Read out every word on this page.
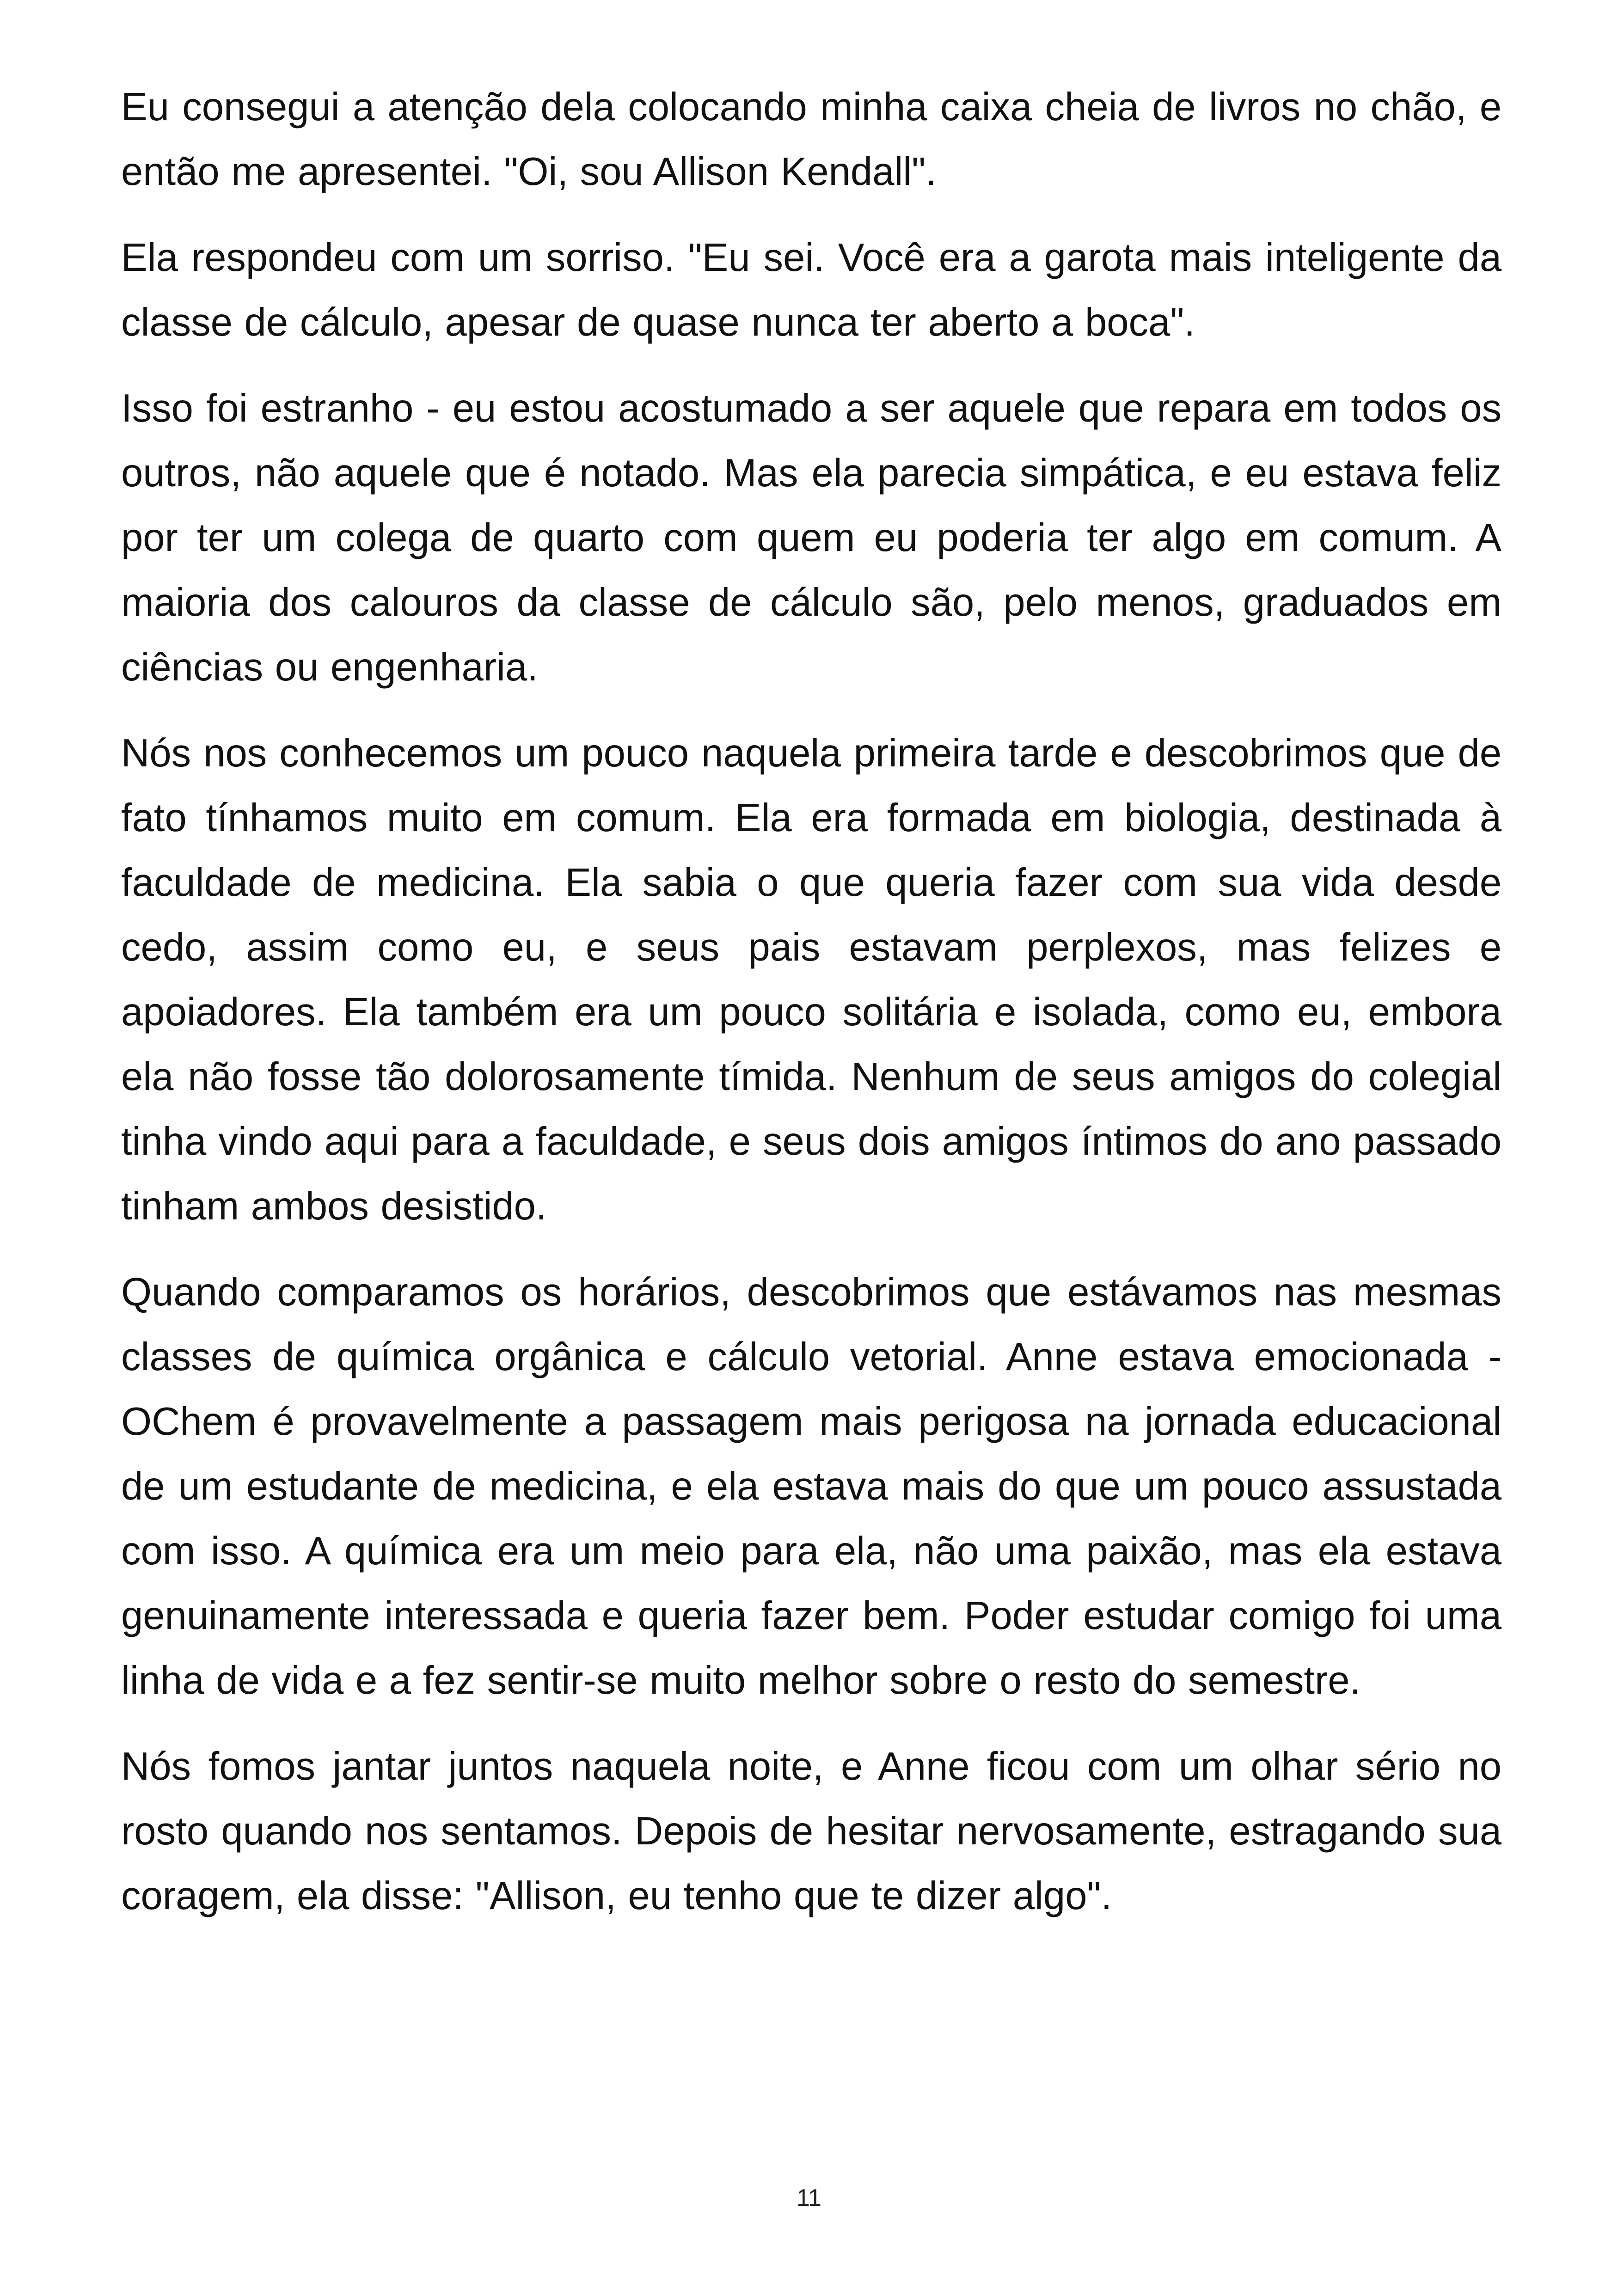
Eu consegui a atenção dela colocando minha caixa cheia de livros no chão, e então me apresentei. "Oi, sou Allison Kendall".

Ela respondeu com um sorriso. "Eu sei. Você era a garota mais inteligente da classe de cálculo, apesar de quase nunca ter aberto a boca".

Isso foi estranho - eu estou acostumado a ser aquele que repara em todos os outros, não aquele que é notado. Mas ela parecia simpática, e eu estava feliz por ter um colega de quarto com quem eu poderia ter algo em comum. A maioria dos calouros da classe de cálculo são, pelo menos, graduados em ciências ou engenharia.

Nós nos conhecemos um pouco naquela primeira tarde e descobrimos que de fato tínhamos muito em comum. Ela era formada em biologia, destinada à faculdade de medicina. Ela sabia o que queria fazer com sua vida desde cedo, assim como eu, e seus pais estavam perplexos, mas felizes e apoiadores. Ela também era um pouco solitária e isolada, como eu, embora ela não fosse tão dolorosamente tímida. Nenhum de seus amigos do colegial tinha vindo aqui para a faculdade, e seus dois amigos íntimos do ano passado tinham ambos desistido.

Quando comparamos os horários, descobrimos que estávamos nas mesmas classes de química orgânica e cálculo vetorial. Anne estava emocionada - OChem é provavelmente a passagem mais perigosa na jornada educacional de um estudante de medicina, e ela estava mais do que um pouco assustada com isso. A química era um meio para ela, não uma paixão, mas ela estava genuinamente interessada e queria fazer bem. Poder estudar comigo foi uma linha de vida e a fez sentir-se muito melhor sobre o resto do semestre.

Nós fomos jantar juntos naquela noite, e Anne ficou com um olhar sério no rosto quando nos sentamos. Depois de hesitar nervosamente, estragando sua coragem, ela disse: "Allison, eu tenho que te dizer algo".

11
